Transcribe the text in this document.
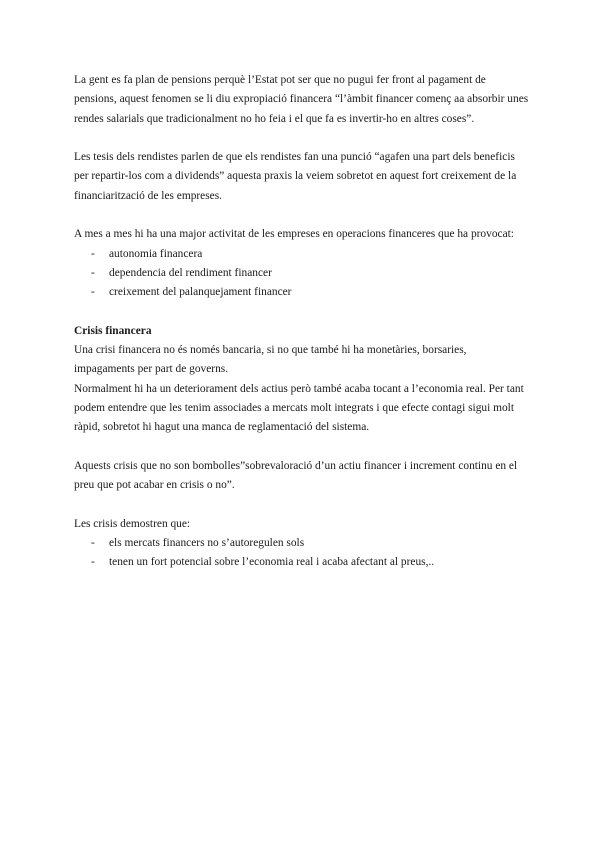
La gent es fa plan de pensions perquè l’Estat pot ser que no pugui fer front al pagament de pensions, aquest fenomen se li diu expropiació financera “l’àmbit financer començ aa absorbir unes rendes salarials que tradicionalment no ho feia i el que fa es invertir-ho en altres coses”.

Les tesis dels rendistes parlen de que els rendistes fan una punció “agafen una part dels beneficis per repartir-los com a dividends” aquesta praxis la veiem sobretot en aquest fort creixement de la financiarització de les empreses.

A mes a mes hi ha una major activitat de les empreses en operacions financeres que ha provocat:

- autonomia financera
- dependencia del rendiment financer
- creixement del palanquejament financer
Crisis financera

Una crisi financera no és només bancaria, si no que també hi ha monetàries, borsaries, impagaments per part de governs.

Normalment hi ha un deteriorament dels actius però també acaba tocant a l’economia real. Per tant podem entendre que les tenim associades a mercats molt integrats i que efecte contagi sigui molt ràpid, sobretot hi hagut una manca de reglamentació del sistema.

Aquests crisis que no son bombolles”sobrevaloració d’un actiu financer i increment continu en el preu que pot acabar en crisis o no”.

Les crisis demostren que:

- els mercats financers no s’autoregulen sols
- tenen un fort potencial sobre l’economia real i acaba afectant al preus,..
